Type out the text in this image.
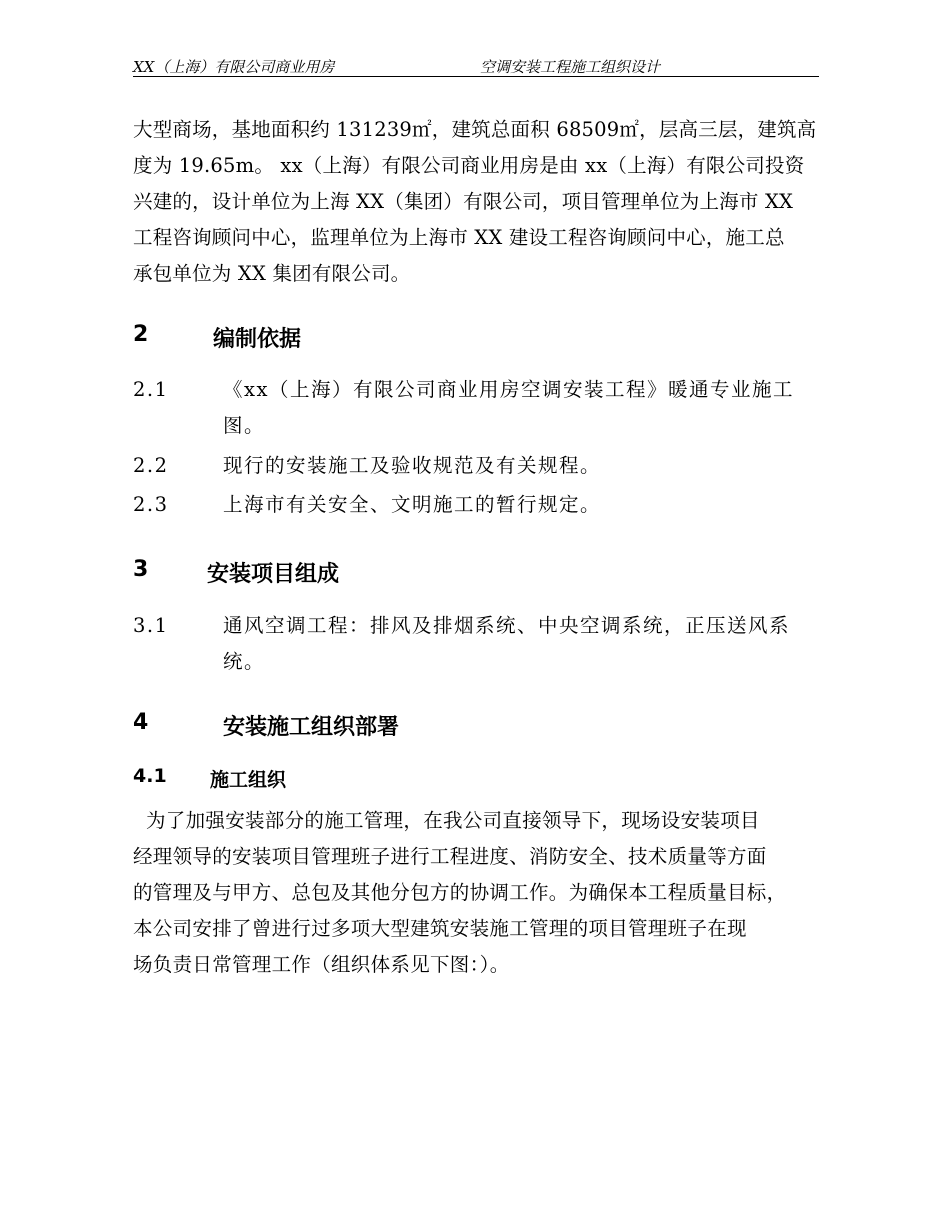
XX（上海）有限公司商业用房	空调安装工程施工组织设计

大型商场，基地面积约 131239㎡，建筑总面积 68509㎡，层高三层，建筑高

度为 19.65m。 xx（上海）有限公司商业用房是由 xx（上海）有限公司投资

兴建的，设计单位为上海 XX（集团）有限公司，项目管理单位为上海市 XX

工程咨询顾问中心，监理单位为上海市 XX 建设工程咨询顾问中心，施工总

承包单位为 XX 集团有限公司。

2	编制依据
2.1	《xx（上海）有限公司商业用房空调安装工程》暖通专业施工

图。

2.2	现行的安装施工及验收规范及有关规程。

2.3	上海市有关安全、文明施工的暂行规定。

3	安装项目组成
3.1	通风空调工程：排风及排烟系统、中央空调系统，正压送风系

统。

4	安装施工组织部署
4.1 施工组织

为了加强安装部分的施工管理，在我公司直接领导下，现场设安装项目

经理领导的安装项目管理班子进行工程进度、消防安全、技术质量等方面

的管理及与甲方、总包及其他分包方的协调工作。为确保本工程质量目标，

本公司安排了曾进行过多项大型建筑安装施工管理的项目管理班子在现

场负责日常管理工作（组织体系见下图：）。
